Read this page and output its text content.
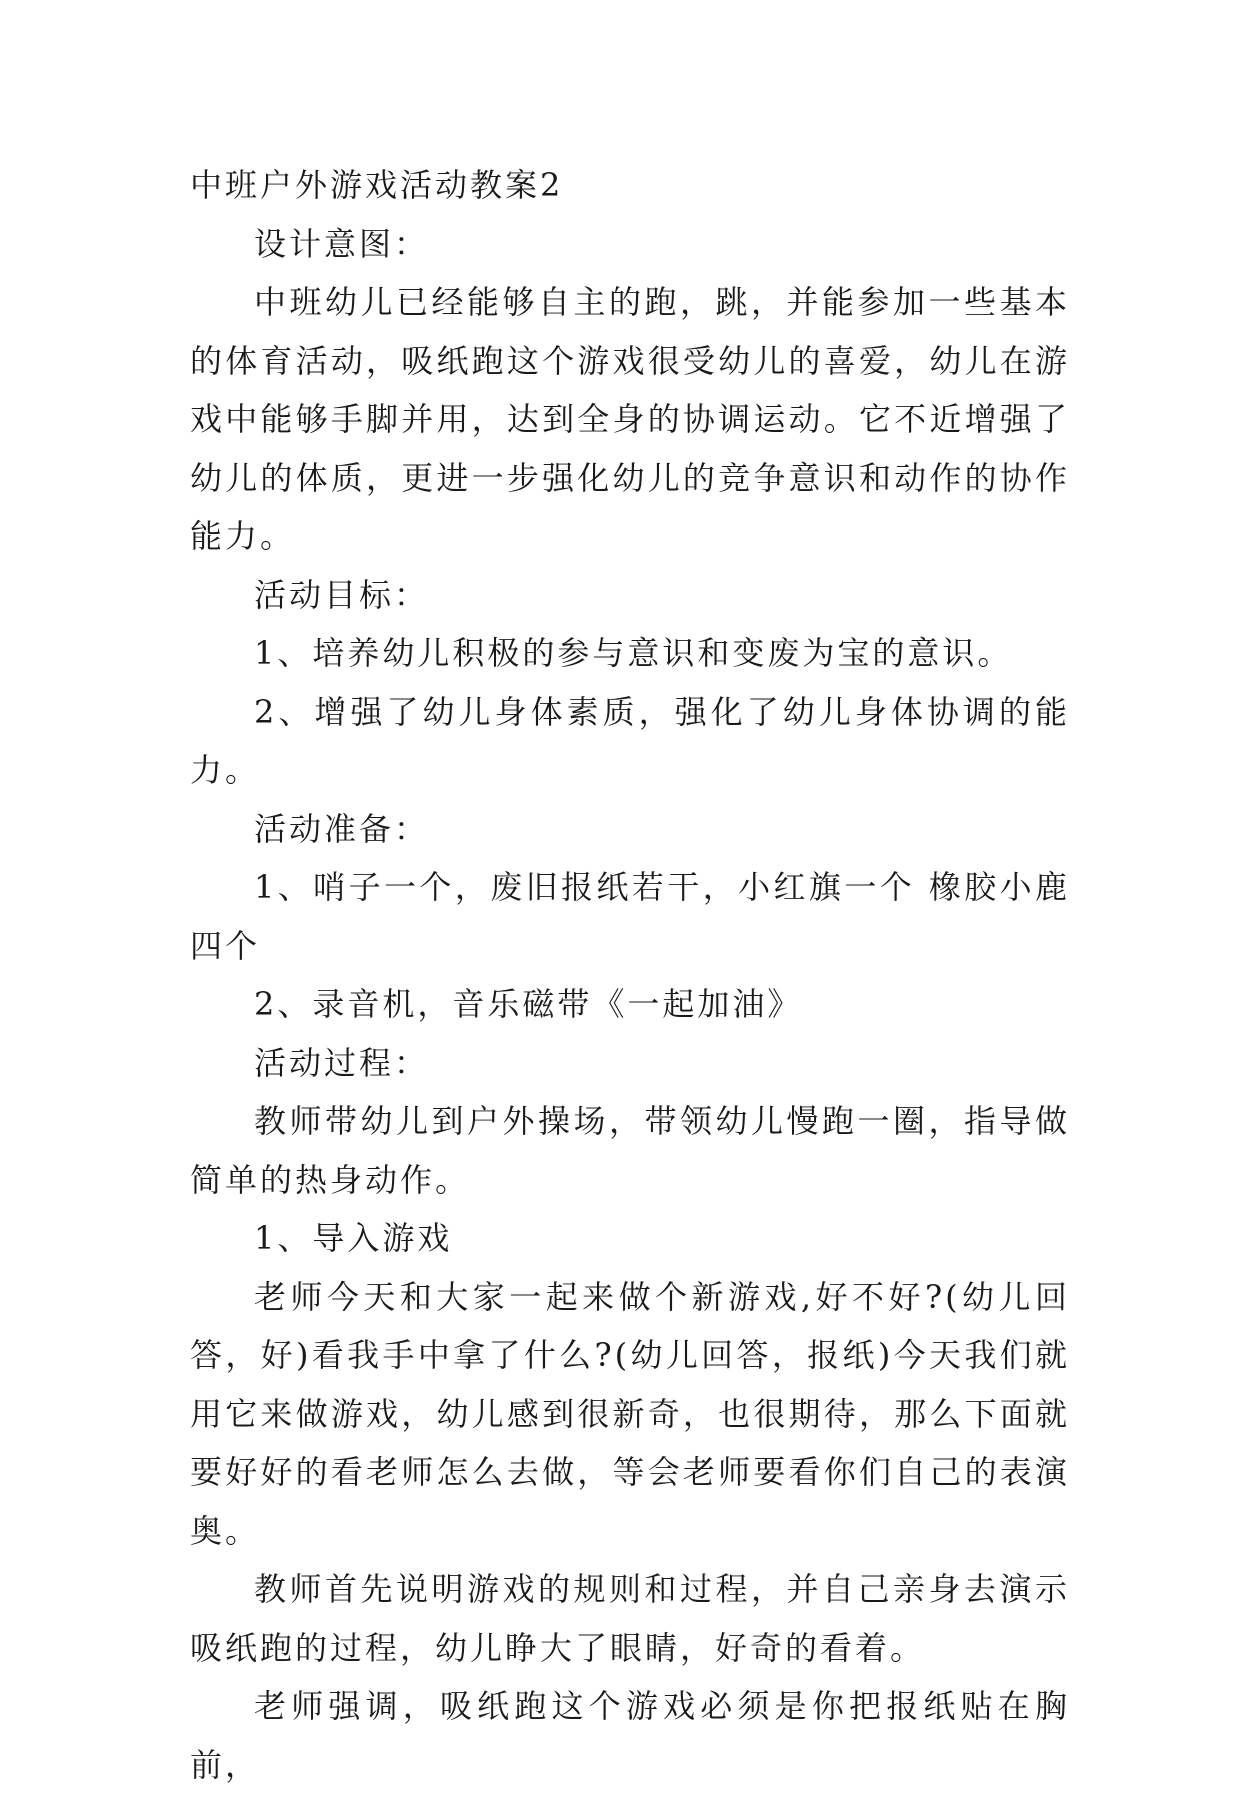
中班户外游戏活动教案2

设计意图：

中班幼儿已经能够自主的跑，跳，并能参加一些基本的体育活动，吸纸跑这个游戏很受幼儿的喜爱，幼儿在游戏中能够手脚并用，达到全身的协调运动。它不近增强了幼儿的体质，更进一步强化幼儿的竞争意识和动作的协作能力。

活动目标：

1、培养幼儿积极的参与意识和变废为宝的意识。

2、增强了幼儿身体素质，强化了幼儿身体协调的能力。

活动准备：

1、哨子一个，废旧报纸若干，小红旗一个 橡胶小鹿四个

2、录音机，音乐磁带《一起加油》

活动过程：

教师带幼儿到户外操场，带领幼儿慢跑一圈，指导做简单的热身动作。

1、导入游戏

老师今天和大家一起来做个新游戏,好不好?(幼儿回答，好)看我手中拿了什么?(幼儿回答，报纸)今天我们就用它来做游戏，幼儿感到很新奇，也很期待，那么下面就要好好的看老师怎么去做，等会老师要看你们自己的表演奥。

教师首先说明游戏的规则和过程，并自己亲身去演示吸纸跑的过程，幼儿睁大了眼睛，好奇的看着。

老师强调，吸纸跑这个游戏必须是你把报纸贴在胸前，
